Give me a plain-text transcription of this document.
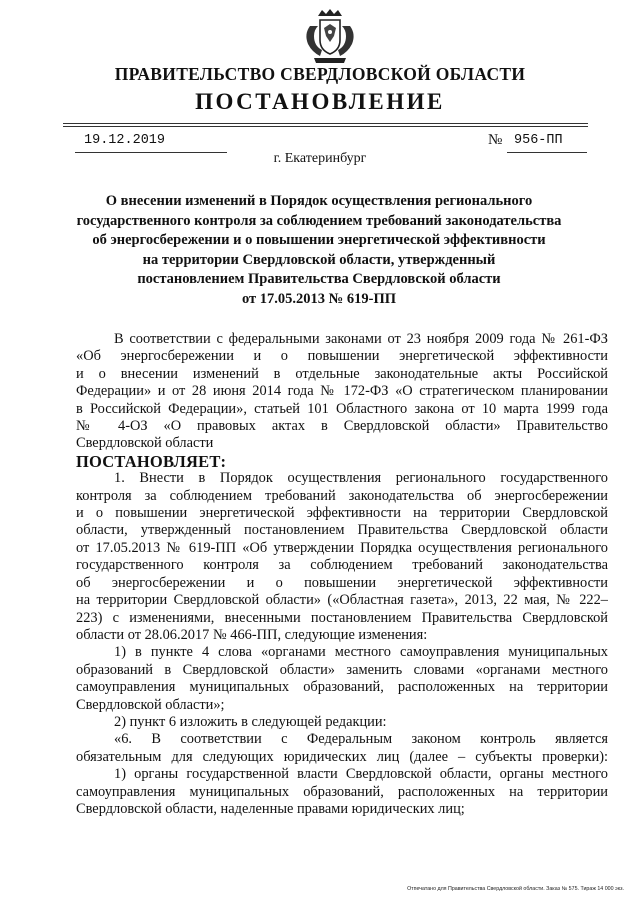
ПРАВИТЕЛЬСТВО СВЕРДЛОВСКОЙ ОБЛАСТИ
ПОСТАНОВЛЕНИЕ
19.12.2019	№ 956-ПП
г. Екатеринбург
О внесении изменений в Порядок осуществления регионального
государственного контроля за соблюдением требований законодательства
об энергосбережении и о повышении энергетической эффективности
на территории Свердловской области, утвержденный
постановлением Правительства Свердловской области
от 17.05.2013 № 619-ПП
В соответствии с федеральными законами от 23 ноября 2009 года № 261-ФЗ
«Об энергосбережении и о повышении энергетической эффективности
и о внесении изменений в отдельные законодательные акты Российской
Федерации» и от 28 июня 2014 года № 172-ФЗ «О стратегическом планировании
в Российской Федерации», статьей 101 Областного закона от 10 марта 1999 года
№ 4-ОЗ «О правовых актах в Свердловской области» Правительство
Свердловской области
ПОСТАНОВЛЯЕТ:
1. Внести в Порядок осуществления регионального государственного
контроля за соблюдением требований законодательства об энергосбережении
и о повышении энергетической эффективности на территории Свердловской
области, утвержденный постановлением Правительства Свердловской области
от 17.05.2013 № 619-ПП «Об утверждении Порядка осуществления регионального
государственного контроля за соблюдением требований законодательства
об энергосбережении и о повышении энергетической эффективности
на территории Свердловской области» («Областная газета», 2013, 22 мая, № 222–
223) с изменениями, внесенными постановлением Правительства Свердловской
области от 28.06.2017 № 466-ПП, следующие изменения:
1) в пункте 4 слова «органами местного самоуправления муниципальных
образований в Свердловской области» заменить словами «органами местного
самоуправления муниципальных образований, расположенных на территории
Свердловской области»;
2) пункт 6 изложить в следующей редакции:
«6. В соответствии с Федеральным законом контроль является
обязательным для следующих юридических лиц (далее – субъекты проверки):
1) органы государственной власти Свердловской области, органы местного
самоуправления муниципальных образований, расположенных на территории
Свердловской области, наделенные правами юридических лиц;
Отпечатано для Правительства Свердловской области. Заказ № 575. Тираж 14 000 экз.
